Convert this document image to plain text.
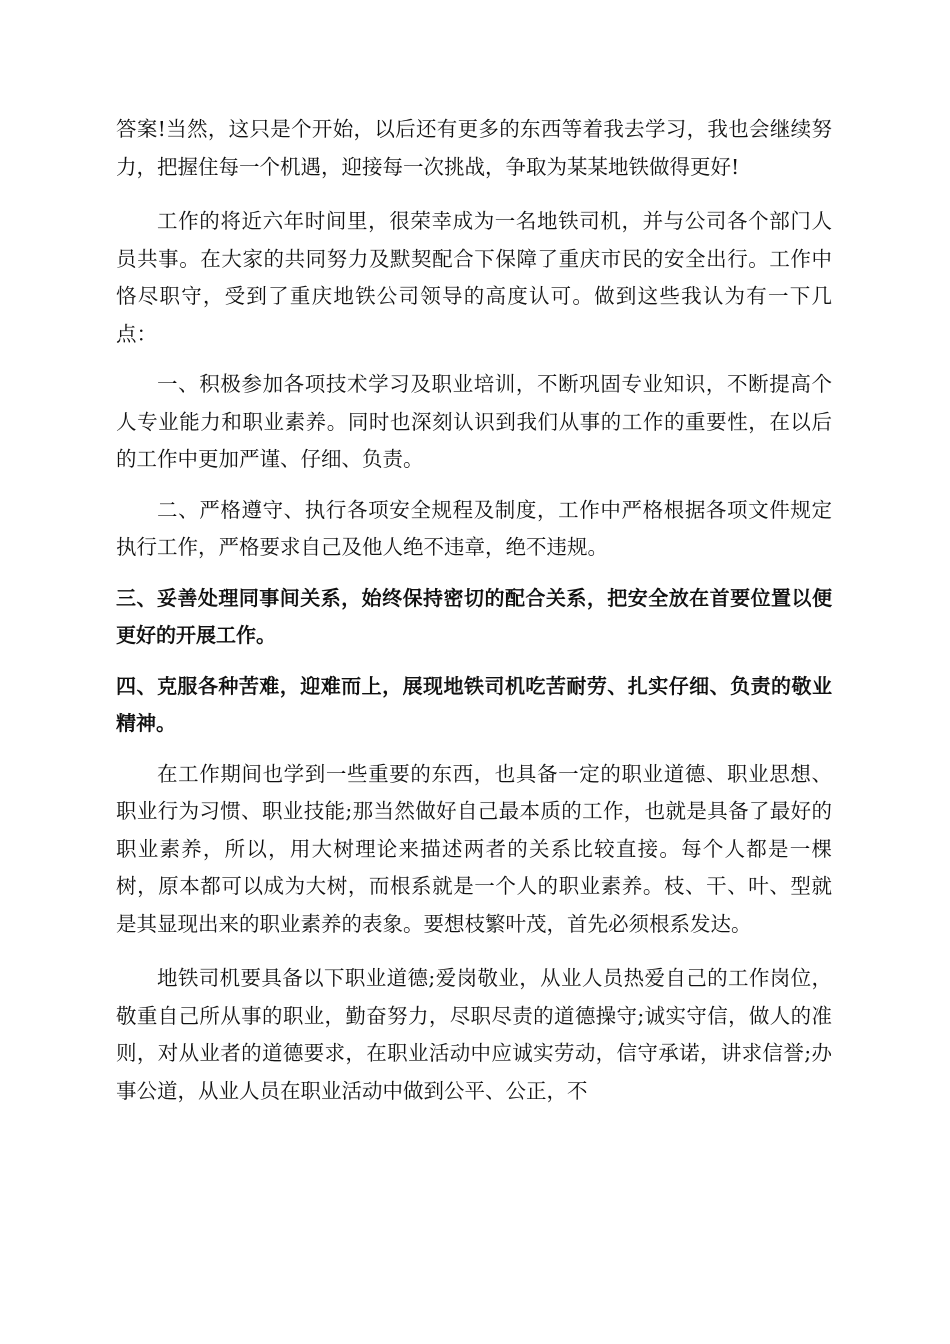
答案!当然，这只是个开始，以后还有更多的东西等着我去学习，我也会继续努力，把握住每一个机遇，迎接每一次挑战，争取为某某地铁做得更好!

工作的将近六年时间里，很荣幸成为一名地铁司机，并与公司各个部门人员共事。在大家的共同努力及默契配合下保障了重庆市民的安全出行。工作中恪尽职守，受到了重庆地铁公司领导的高度认可。做到这些我认为有一下几点：

一、积极参加各项技术学习及职业培训，不断巩固专业知识，不断提高个人专业能力和职业素养。同时也深刻认识到我们从事的工作的重要性，在以后的工作中更加严谨、仔细、负责。

二、严格遵守、执行各项安全规程及制度，工作中严格根据各项文件规定执行工作，严格要求自己及他人绝不违章，绝不违规。

三、妥善处理同事间关系，始终保持密切的配合关系，把安全放在首要位置以便更好的开展工作。

四、克服各种苦难，迎难而上，展现地铁司机吃苦耐劳、扎实仔细、负责的敬业精神。

在工作期间也学到一些重要的东西，也具备一定的职业道德、职业思想、职业行为习惯、职业技能;那当然做好自己最本质的工作，也就是具备了最好的职业素养，所以，用大树理论来描述两者的关系比较直接。每个人都是一棵树，原本都可以成为大树，而根系就是一个人的职业素养。枝、干、叶、型就是其显现出来的职业素养的表象。要想枝繁叶茂，首先必须根系发达。

地铁司机要具备以下职业道德;爱岗敬业，从业人员热爱自己的工作岗位，敬重自己所从事的职业，勤奋努力，尽职尽责的道德操守;诚实守信，做人的准则，对从业者的道德要求，在职业活动中应诚实劳动，信守承诺，讲求信誉;办事公道，从业人员在职业活动中做到公平、公正，不
